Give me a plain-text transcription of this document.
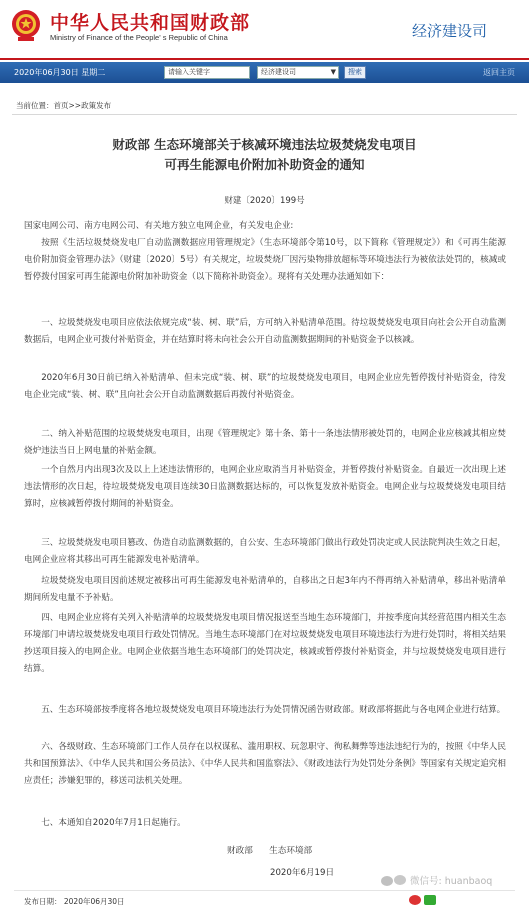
中华人民共和国财政部
Ministry of Finance of the People' s Republic of China	经济建设司
2020年06月30日 星期二	请输入关键字	经济建设司	▼	搜索	返回主页
当前位置：首页>>政策发布
财政部 生态环境部关于核减环境违法垃圾焚烧发电项目
可再生能源电价附加补助资金的通知
财建〔2020〕199号
国家电网公司、南方电网公司、有关地方独立电网企业，有关发电企业:
按照《生活垃圾焚烧发电厂自动监测数据应用管理规定》（生态环境部令第10号，以下简称《管理规定》）和《可再生能源电价附加资金管理办法》（财建〔2020〕5号）有关规定，垃圾焚烧厂因污染物排放超标等环境违法行为被依法处罚的，核减或暂停拨付国家可再生能源电价附加补助资金（以下简称补助资金）。现将有关处理办法通知如下：
一、垃圾焚烧发电项目应依法依规完成“装、树、联”后，方可纳入补贴清单范围。待垃圾焚烧发电项目向社会公开自动监测数据后，电网企业可拨付补贴资金，并在结算时将未向社会公开自动监测数据期间的补贴资金予以核减。
2020年6月30日前已纳入补贴清单、但未完成“装、树、联”的垃圾焚烧发电项目，电网企业应先暂停拨付补贴资金，待发电企业完成“装、树、联”且向社会公开自动监测数据后再拨付补贴资金。
二、纳入补贴范围的垃圾焚烧发电项目，出现《管理规定》第十条、第十一条违法情形被处罚的，电网企业应核减其相应焚烧炉违法当日上网电量的补贴金额。
一个自然月内出现3次及以上上述违法情形的，电网企业应取消当月补贴资金，并暂停拨付补贴资金。自最近一次出现上述违法情形的次日起，待垃圾焚烧发电项目连续30日监测数据达标的，可以恢复发放补贴资金。电网企业与垃圾焚烧发电项目结算时，应核减暂停拨付期间的补贴资金。
三、垃圾焚烧发电项目篡改、伪造自动监测数据的，自公安、生态环境部门做出行政处罚决定或人民法院判决生效之日起，电网企业应将其移出可再生能源发电补贴清单。
垃圾焚烧发电项目因前述规定被移出可再生能源发电补贴清单的，自移出之日起3年内不得再纳入补贴清单，移出补贴清单期间所发电量不予补贴。
四、电网企业应将有关列入补贴清单的垃圾焚烧发电项目情况报送至当地生态环境部门，并按季度向其经营范围内相关生态环境部门申请垃圾焚烧发电项目行政处罚情况。当地生态环境部门在对垃圾焚烧发电项目环境违法行为进行处罚时，将相关结果抄送项目接入的电网企业。电网企业依据当地生态环境部门的处罚决定，核减或暂停拨付补贴资金，并与垃圾焚烧发电项目进行结算。
五、生态环境部按季度将各地垃圾焚烧发电项目环境违法行为处罚情况函告财政部。财政部将据此与各电网企业进行结算。
六、各级财政、生态环境部门工作人员存在以权谋私、滥用职权、玩忽职守、徇私舞弊等违法违纪行为的，按照《中华人民共和国预算法》、《中华人民共和国公务员法》、《中华人民共和国监察法》、《财政违法行为处罚处分条例》等国家有关规定追究相应责任；涉嫌犯罪的，移送司法机关处理。
七、本通知自2020年7月1日起施行。
财政部      生态环境部
2020年6月19日
发布日期： 2020年06月30日
微信号: huanbaoq
